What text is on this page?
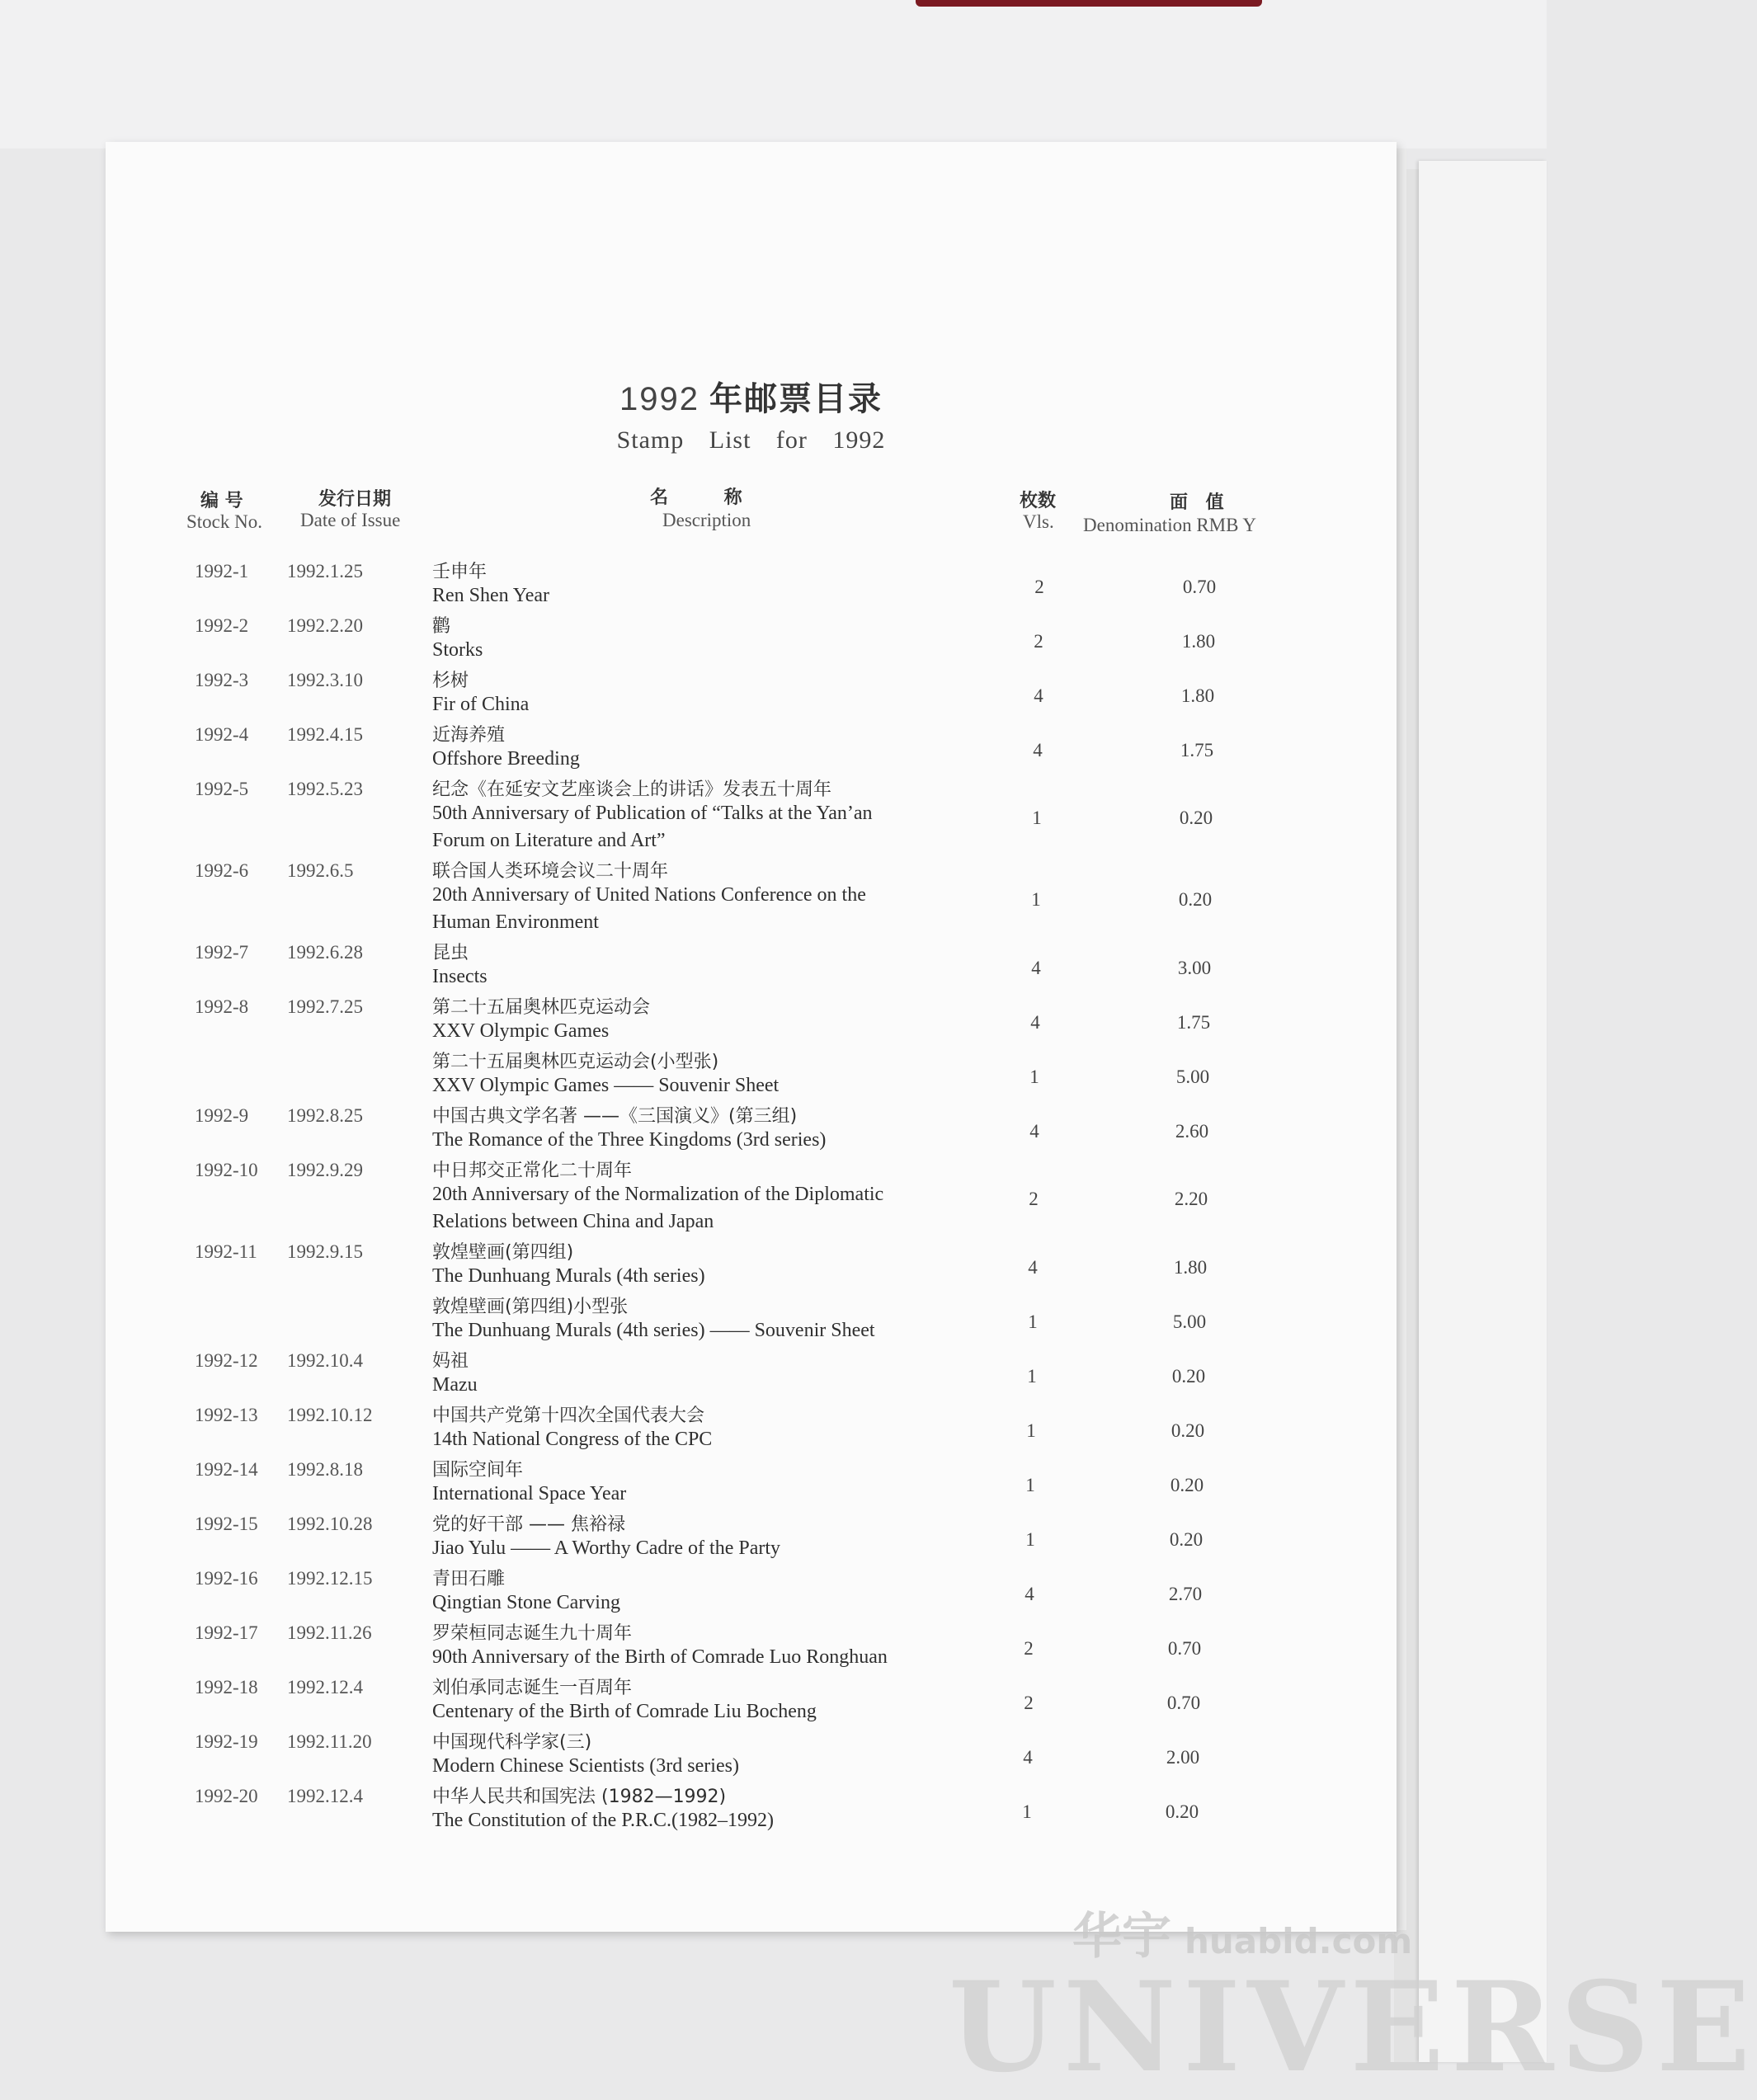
1992 年邮票目录
Stamp List for 1992
编 号
Stock No.
发行日期
Date of Issue
名 称
Description
枚数
Vls.
面 值
Denomination RMB Y
1992-1 1992.1.25	壬申年
Ren Shen Year	2	0.70
1992-2 1992.2.20	鹳
Storks	2	1.80
1992-3 1992.3.10	杉树
Fir of China	4	1.80
1992-4 1992.4.15	近海养殖
Offshore Breeding	4	1.75
1992-5 1992.5.23	纪念《在延安文艺座谈会上的讲话》发表五十周年
50th Anniversary of Publication of “Talks at the Yan’an
Forum on Literature and Art”
1	0.20
1992-6 1992.6.5	联合国人类环境会议二十周年
20th Anniversary of United Nations Conference on the
Human Environment
1	0.20
1992-7 1992.6.28	昆虫
Insects	4	3.00
1992-8 1992.7.25	第二十五届奥林匹克运动会
XXV Olympic Games	4	1.75
第二十五届奥林匹克运动会(小型张)
XXV Olympic Games —— Souvenir Sheet	1	5.00
1992-9 1992.8.25	中国古典文学名著 ——《三国演义》(第三组)
The Romance of the Three Kingdoms (3rd series)	4	2.60
1992-10 1992.9.29	中日邦交正常化二十周年
20th Anniversary of the Normalization of the Diplomatic
Relations between China and Japan
2	2.20
1992-11 1992.9.15	敦煌壁画(第四组)
The Dunhuang Murals (4th series)	4	1.80
敦煌壁画(第四组)小型张
The Dunhuang Murals (4th series) —— Souvenir Sheet	1	5.00
1992-12 1992.10.4	妈祖
Mazu	1	0.20
1992-13 1992.10.12	中国共产党第十四次全国代表大会
14th National Congress of the CPC	1	0.20
1992-14 1992.8.18	国际空间年
International Space Year	1	0.20
1992-15 1992.10.28	党的好干部 —— 焦裕禄
Jiao Yulu —— A Worthy Cadre of the Party	1	0.20
1992-16 1992.12.15	青田石雕
Qingtian Stone Carving	4	2.70
1992-17 1992.11.26	罗荣桓同志诞生九十周年
90th Anniversary of the Birth of Comrade Luo Ronghuan	2	0.70
1992-18 1992.12.4	刘伯承同志诞生一百周年
Centenary of the Birth of Comrade Liu Bocheng	2	0.70
1992-19 1992.11.20	中国现代科学家(三)
Modern Chinese Scientists (3rd series)	4	2.00
1992-20 1992.12.4	中华人民共和国宪法 (1982—1992)
The Constitution of the P.R.C.(1982–1992)	1	0.20
华宇 huabid.com
UNIVERSE
